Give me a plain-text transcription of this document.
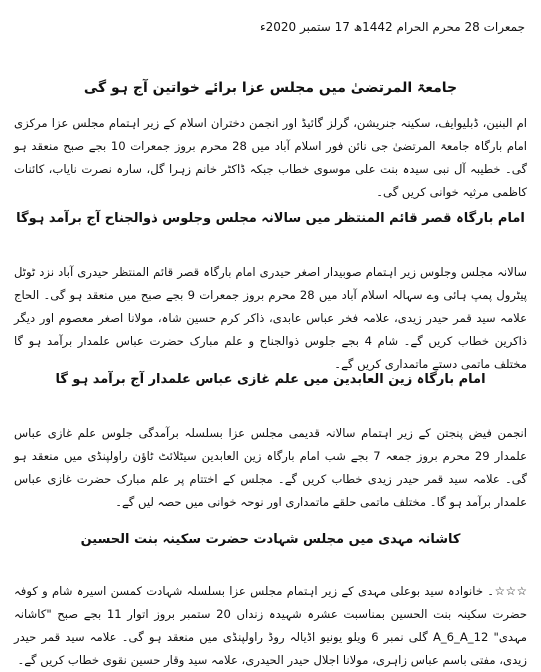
جمعرات 28 محرم الحرام 1442ھ 17 ستمبر 2020ء
جامعۃ المرتضیٰ میں مجلس عزا برائے خواتین آج ہو گی
ام البنین، ڈبلیوایف، سکینہ جنریشن، گرلز گائیڈ اور انجمن دختران اسلام کے زیر اہتمام مجلس عزا مرکزی امام بارگاہ جامعۃ المرتضیٰ جی نائن فور اسلام آباد میں 28 محرم بروز جمعرات 10 بجے صبح منعقد ہو گی۔ خطیبہ آل نبی سیدہ بنت علی موسوی خطاب جبکہ ڈاکٹر خانم زہرا گل، سارہ نصرت نایاب، کائنات کاظمی مرثیہ خوانی کریں گی۔
امام بارگاہ قصر قائم المنتظر میں سالانہ مجلس وجلوس ذوالجناح آج برآمد ہوگا
سالانہ مجلس وجلوس زیر اہتمام صوبیدار اصغر حیدری امام بارگاہ قصر قائم المنتظر حیدری آباد نزد ٹوٹل پیٹرول پمپ ہائی وے سہالہ اسلام آباد میں 28 محرم بروز جمعرات 9 بجے صبح میں منعقد ہو گی۔ الحاج علامہ سید قمر حیدر زیدی، علامہ فخر عباس عابدی، ذاکر کرم حسین شاہ، مولانا اصغر معصوم اور دیگر ذاکرین خطاب کریں گے۔ شام 4 بجے جلوس ذوالجناح و علم مبارک حضرت عباس علمدار برآمد ہو گا مختلف ماتمی دستے ماتمداری کریں گے۔
امام بارگاہ زین العابدین میں علم غازی عباس علمدار آج برآمد ہو گا
انجمن فیض پنجتن کے زیر اہتمام سالانہ قدیمی مجلس عزا بسلسلہ برآمدگی جلوس علم غازی عباس علمدار 29 محرم بروز جمعہ 7 بجے شب امام بارگاہ زین العابدین سیٹلائٹ ٹاؤن راولپنڈی میں منعقد ہو گی۔ علامہ سید قمر حیدر زیدی خطاب کریں گے۔ مجلس کے اختتام پر علم مبارک حضرت غازی عباس علمدار برآمد ہو گا۔ مختلف ماتمی حلقے ماتمداری اور نوحہ خوانی میں حصہ لیں گے۔
کاشانہ مہدی میں مجلس شہادت حضرت سکینہ بنت الحسین
☆☆☆۔ خانوادہ سید بوعلی مہدی کے زیر اہتمام مجلس عزا بسلسلہ شہادت کمسن اسیرہ شام و کوفہ حضرت سکینہ بنت الحسین بمناسبت عشرہ شہیدہ زنداں 20 ستمبر بروز اتوار 11 بجے صبح "کاشانہ مہدی" 12_A_6_A گلی نمبر 6 ویلو یونیو اڈیالہ روڈ راولپنڈی میں منعقد ہو گی۔ علامہ سید قمر حیدر زیدی، مفتی باسم عباس زاہری، مولانا اجلال حیدر الحیدری، علامہ سید وقار حسین نقوی خطاب کریں گے۔
